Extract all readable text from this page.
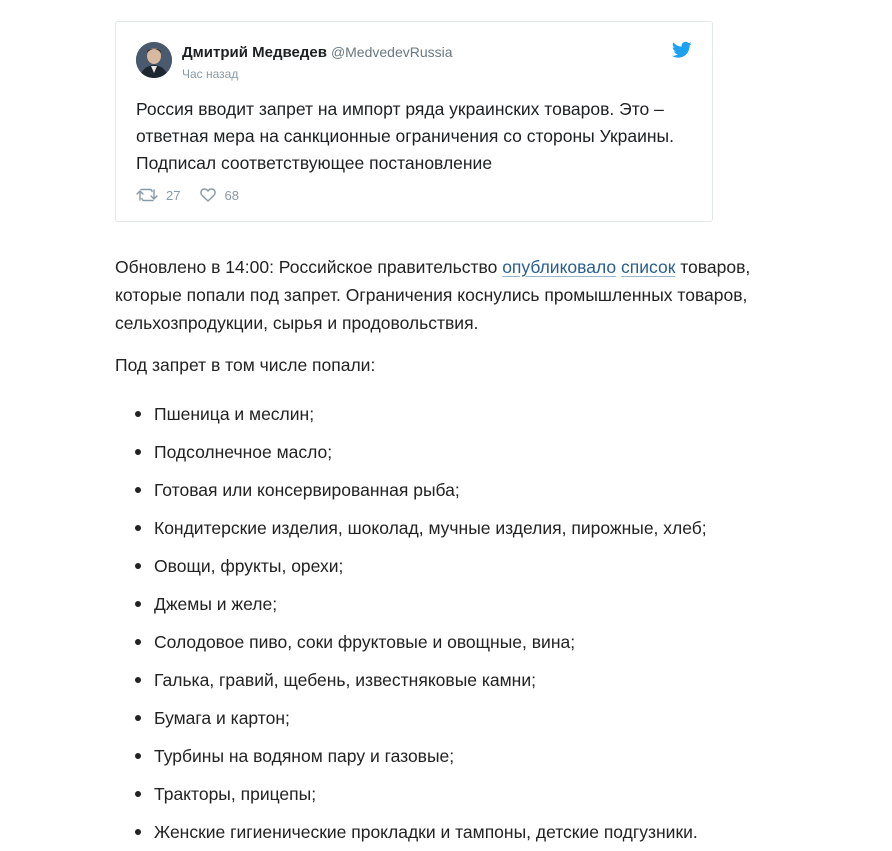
Дмитрий Медведев @MedvedevRussia
Час назад
Россия вводит запрет на импорт ряда украинских товаров. Это – ответная мера на санкционные ограничения со стороны Украины. Подписал соответствующее постановление
27	68

Обновлено в 14:00: Российское правительство опубликовало список товаров, которые попали под запрет. Ограничения коснулись промышленных товаров, сельхозпродукции, сырья и продовольствия.

Под запрет в том числе попали:

Пшеница и меслин;
Подсолнечное масло;
Готовая или консервированная рыба;
Кондитерские изделия, шоколад, мучные изделия, пирожные, хлеб;
Овощи, фрукты, орехи;
Джемы и желе;
Солодовое пиво, соки фруктовые и овощные, вина;
Галька, гравий, щебень, известняковые камни;
Бумага и картон;
Турбины на водяном пару и газовые;
Тракторы, прицепы;
Женские гигиенические прокладки и тампоны, детские подгузники.
